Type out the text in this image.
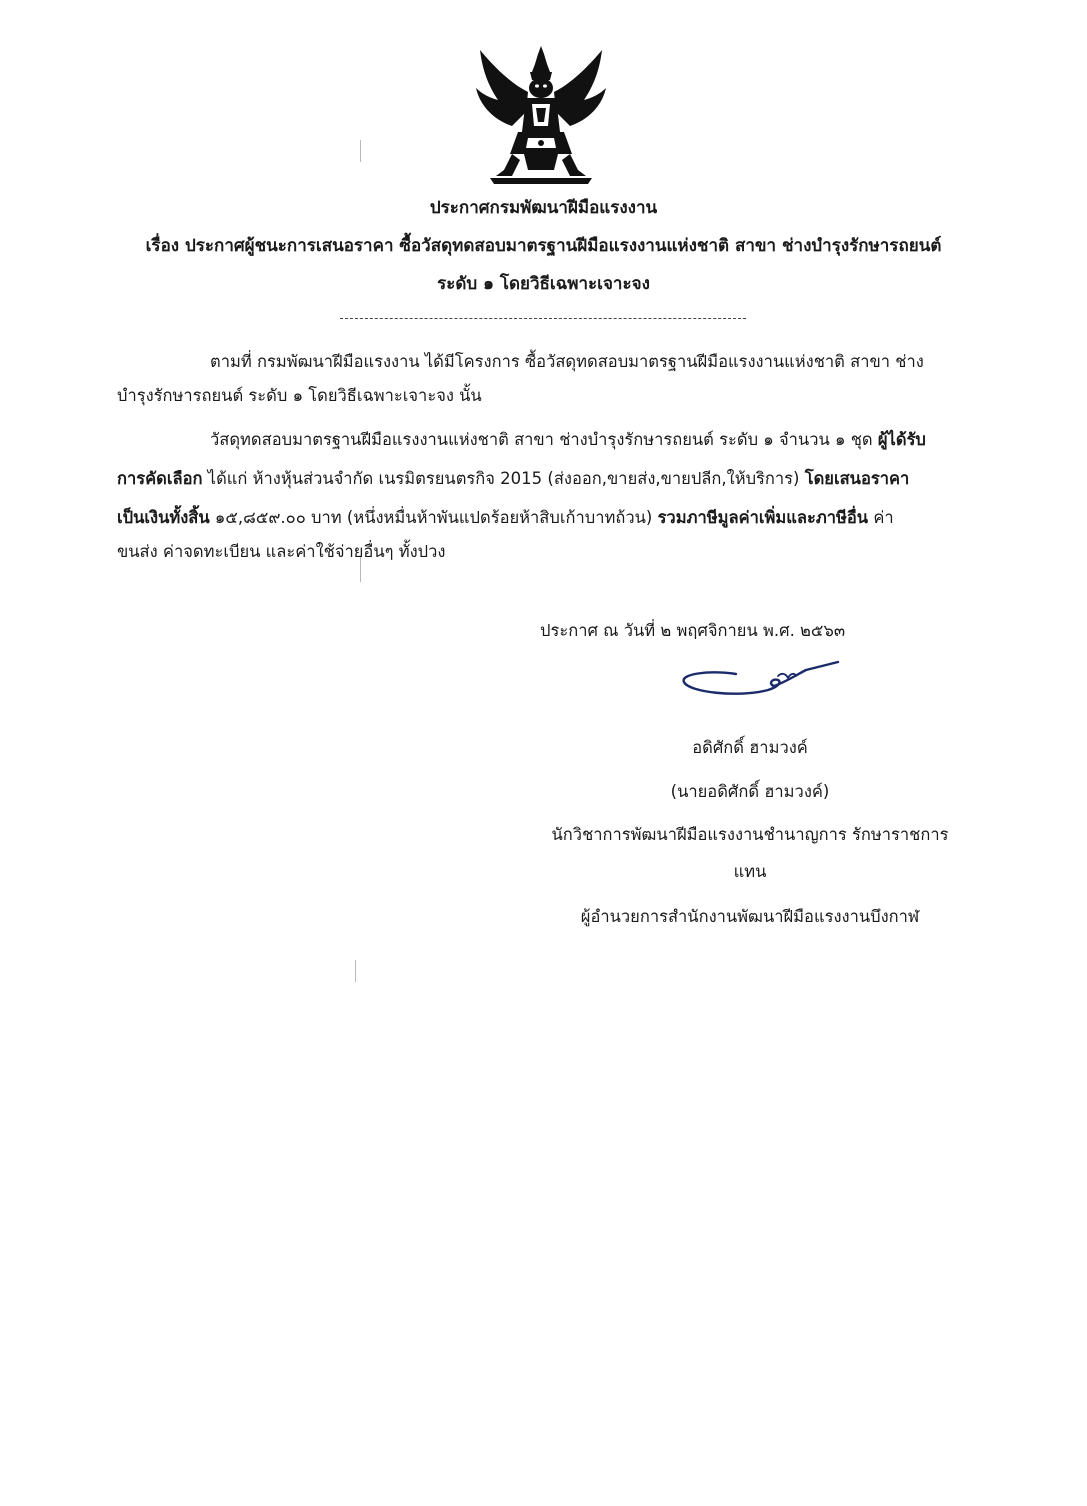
ประกาศกรมพัฒนาฝีมือแรงงาน
เรื่อง ประกาศผู้ชนะการเสนอราคา ซื้อวัสดุทดสอบมาตรฐานฝีมือแรงงานแห่งชาติ สาขา ช่างบำรุงรักษารถยนต์
ระดับ ๑ โดยวิธีเฉพาะเจาะจง
ตามที่ กรมพัฒนาฝีมือแรงงาน ได้มีโครงการ ซื้อวัสดุทดสอบมาตรฐานฝีมือแรงงานแห่งชาติ สาขา ช่าง
บำรุงรักษารถยนต์ ระดับ ๑ โดยวิธีเฉพาะเจาะจง นั้น
วัสดุทดสอบมาตรฐานฝีมือแรงงานแห่งชาติ สาขา ช่างบำรุงรักษารถยนต์ ระดับ ๑ จำนวน ๑ ชุด ผู้ได้รับ
การคัดเลือก ได้แก่ ห้างหุ้นส่วนจำกัด เนรมิตรยนตรกิจ 2015 (ส่งออก,ขายส่ง,ขายปลีก,ให้บริการ) โดยเสนอราคา
เป็นเงินทั้งสิ้น ๑๕,๘๕๙.๐๐ บาท (หนึ่งหมื่นห้าพันแปดร้อยห้าสิบเก้าบาทถ้วน) รวมภาษีมูลค่าเพิ่มและภาษีอื่น ค่า
ขนส่ง ค่าจดทะเบียน และค่าใช้จ่ายอื่นๆ ทั้งปวง
ประกาศ ณ วันที่ ๒ พฤศจิกายน พ.ศ. ๒๕๖๓
อดิศักดิ์ ฮามวงค์
(นายอดิศักดิ์ ฮามวงค์)
นักวิชาการพัฒนาฝีมือแรงงานชำนาญการ รักษาราชการ
แทน
ผู้อำนวยการสำนักงานพัฒนาฝีมือแรงงานบึงกาฬ
